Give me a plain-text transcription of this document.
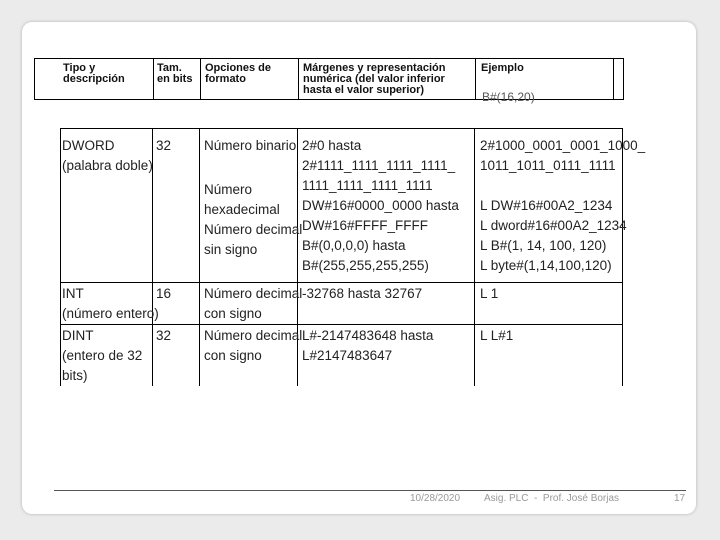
Tipo y
descripción
Tam.
en bits
Opciones de
formato
Márgenes y representación
numérica (del valor inferior
hasta el valor superior)
Ejemplo
B#(16,20)
DWORD
(palabra doble)
32 Número binario

Número
hexadecimal
Número decimal
sin signo
2#0 hasta
2#1111_1111_1111_1111_
1111_1111_1111_1111
DW#16#0000_0000 hasta
DW#16#FFFF_FFFF
B#(0,0,0,0) hasta
B#(255,255,255,255)
2#1000_0001_0001_1000_
1011_1011_0111_1111

L DW#16#00A2_1234
L dword#16#00A2_1234
L B#(1, 14, 100, 120)
L byte#(1,14,100,120)
INT
(número entero)
16 Número decimal
con signo
-32768 hasta 32767	L 1
DINT
(entero de 32
bits)
32 Número decimal
con signo
L#-2147483648 hasta
L#2147483647
L L#1
10/28/2020 Asig. PLC  -  Prof. José Borjas	17
